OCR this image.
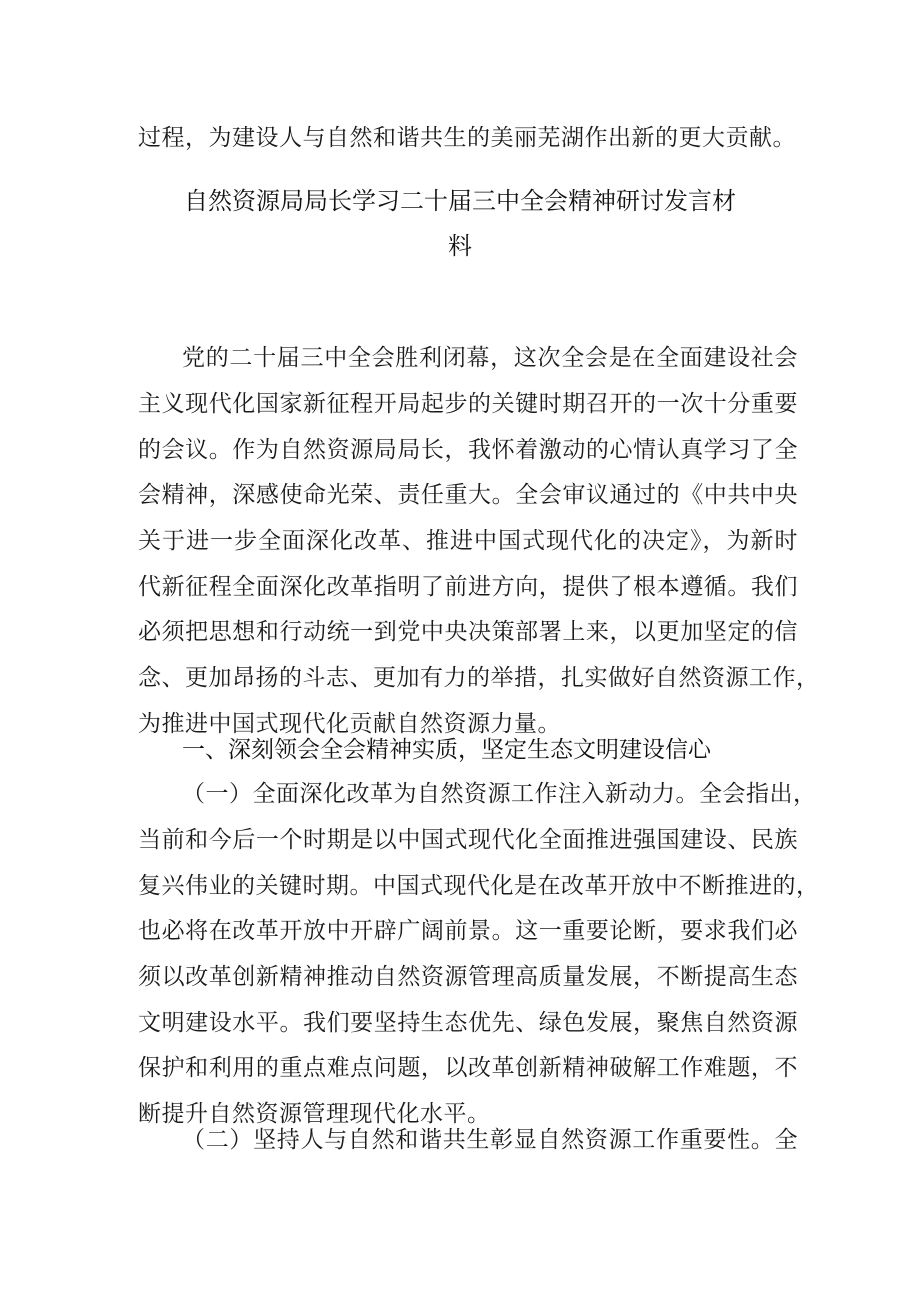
过程，为建设人与自然和谐共生的美丽芜湖作出新的更大贡献。
自然资源局局长学习二十届三中全会精神研讨发言材
料
党的二十届三中全会胜利闭幕，这次全会是在全面建设社会
主义现代化国家新征程开局起步的关键时期召开的一次十分重要
的会议。作为自然资源局局长，我怀着激动的心情认真学习了全
会精神，深感使命光荣、责任重大。全会审议通过的《中共中央
关于进一步全面深化改革、推进中国式现代化的决定》，为新时
代新征程全面深化改革指明了前进方向，提供了根本遵循。我们
必须把思想和行动统一到党中央决策部署上来，以更加坚定的信
念、更加昂扬的斗志、更加有力的举措，扎实做好自然资源工作，
为推进中国式现代化贡献自然资源力量。
一、深刻领会全会精神实质，坚定生态文明建设信心
（一）全面深化改革为自然资源工作注入新动力。全会指出，
当前和今后一个时期是以中国式现代化全面推进强国建设、民族
复兴伟业的关键时期。中国式现代化是在改革开放中不断推进的，
也必将在改革开放中开辟广阔前景。这一重要论断，要求我们必
须以改革创新精神推动自然资源管理高质量发展，不断提高生态
文明建设水平。我们要坚持生态优先、绿色发展，聚焦自然资源
保护和利用的重点难点问题，以改革创新精神破解工作难题，不
断提升自然资源管理现代化水平。
（二）坚持人与自然和谐共生彰显自然资源工作重要性。全
